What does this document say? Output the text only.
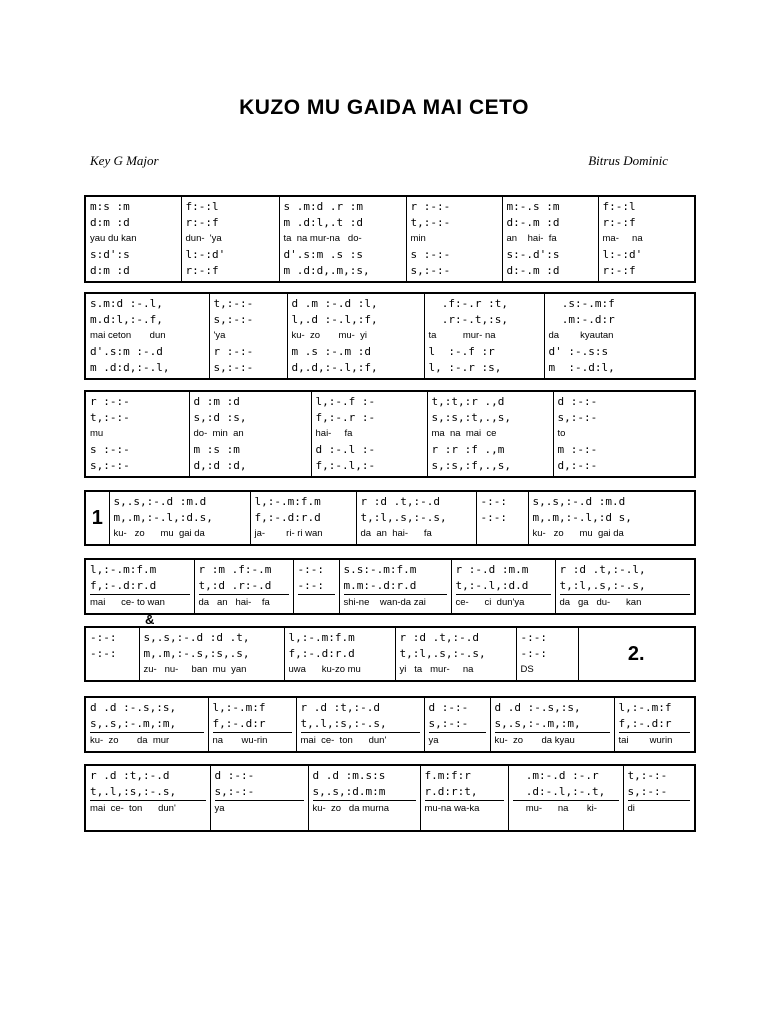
KUZO MU GAIDA MAI CETO
Key G Major	Bitrus Dominic
m:s :m
d:m :d
yau du kan
s:d':s
d:m :d

f:-:l
r:-:f
dun-  'ya
l:-:d'
r:-:f

s .m:d .r :m
m .d:l,.t :d
ta  na mur-na   do-
d'.s:m .s :s
m .d:d,.m,:s,

r :-:-
t,:-:-
min
s :-:-
s,:-:-

m:-.s :m
d:-.m :d
an    hai-  fa
s:-.d':s
d:-.m :d

f:-:l
r:-:f
ma-     na
l:-:d'
r:-:f
s.m:d :-.l,
m.d:l,:-.f,
mai ceton       dun
d'.s:m :-.d
m .d:d,:-.l,

t,:-:-
s,:-:-
'ya
r :-:-
s,:-:-

d .m :-.d :l,
l,.d :-.l,:f,
ku-  zo       mu-  yi
m .s :-.m :d
d,.d,:-.l,:f,

.f:-.r :t,
.r:-.t,:s,
ta          mur- na
l  :-.f :r
l, :-.r :s,

.s:-.m:f
.m:-.d:r
da        kyautan
d' :-.s:s
m  :-.d:l,
r :-:-
t,:-:-
mu
s :-:-
s,:-:-

d :m :d
s,:d :s,
do-  min  an
m :s :m
d,:d :d,

l,:-.f :-
f,:-.r :-
hai-     fa
d :-.l :-
f,:-.l,:-

t,:t,:r .,d
s,:s,:t,.,s,
ma  na  mai  ce
r :r :f .,m
s,:s,:f,.,s,

d :-:-
s,:-:-
to
m :-:-
d,:-:-
1	
s,.s,:-.d :m.d
m,.m,:-.l,:d.s,
ku-   zo      mu  gai da

l,:-.m:f.m
f,:-.d:r.d
ja-        ri- ri wan

r :d .t,:-.d
t,:l,.s,:-.s,
da  an  hai-      fa

-:-:
-:-:

s,.s,:-.d :m.d
m,.m,:-.l,:d s,
ku-   zo      mu  gai da
l,:-.m:f.m
f,:-.d:r.d
mai      ce- to wan

r :m .f:-.m
t,:d .r:-.d
da   an   hai-    fa

-:-:
-:-:

s.s:-.m:f.m
m.m:-.d:r.d
shi-ne    wan-da zai

r :-.d :m.m
t,:-.l,:d.d
ce-      ci  dun'ya

r :d .t,:-.l,
t,:l,.s,:-.s,
da   ga   du-      kan
&
-:-:
-:-:

s,.s,:-.d :d .t,
m,.m,:-.s,:s,.s,
zu-   nu-     ban  mu  yan

l,:-.m:f.m
f,:-.d:r.d
uwa      ku-zo mu

r :d .t,:-.d
t,:l,.s,:-.s,
yi   ta   mur-     na

-:-:
-:-:
DS
	2.
d .d :-.s,:s,
s,.s,:-.m,:m,
ku-  zo       da  mur

l,:-.m:f
f,:-.d:r
na       wu-rin

r .d :t,:-.d
t,.l,:s,:-.s,
mai  ce-  ton      dun'

d :-:-
s,:-:-
ya

d .d :-.s,:s,
s,.s,:-.m,:m,
ku-  zo       da kyau

l,:-.m:f
f,:-.d:r
tai        wurin
r .d :t,:-.d
t,.l,:s,:-.s,
mai  ce-  ton      dun'

d :-:-
s,:-:-
ya

d .d :m.s:s
s,.s,:d.m:m
ku-  zo   da murna

f.m:f:r
r.d:r:t,
mu-na wa-ka

.m:-.d :-.r
.d:-.l,:-.t,
mu-      na       ki-

t,:-:-
s,:-:-
di
